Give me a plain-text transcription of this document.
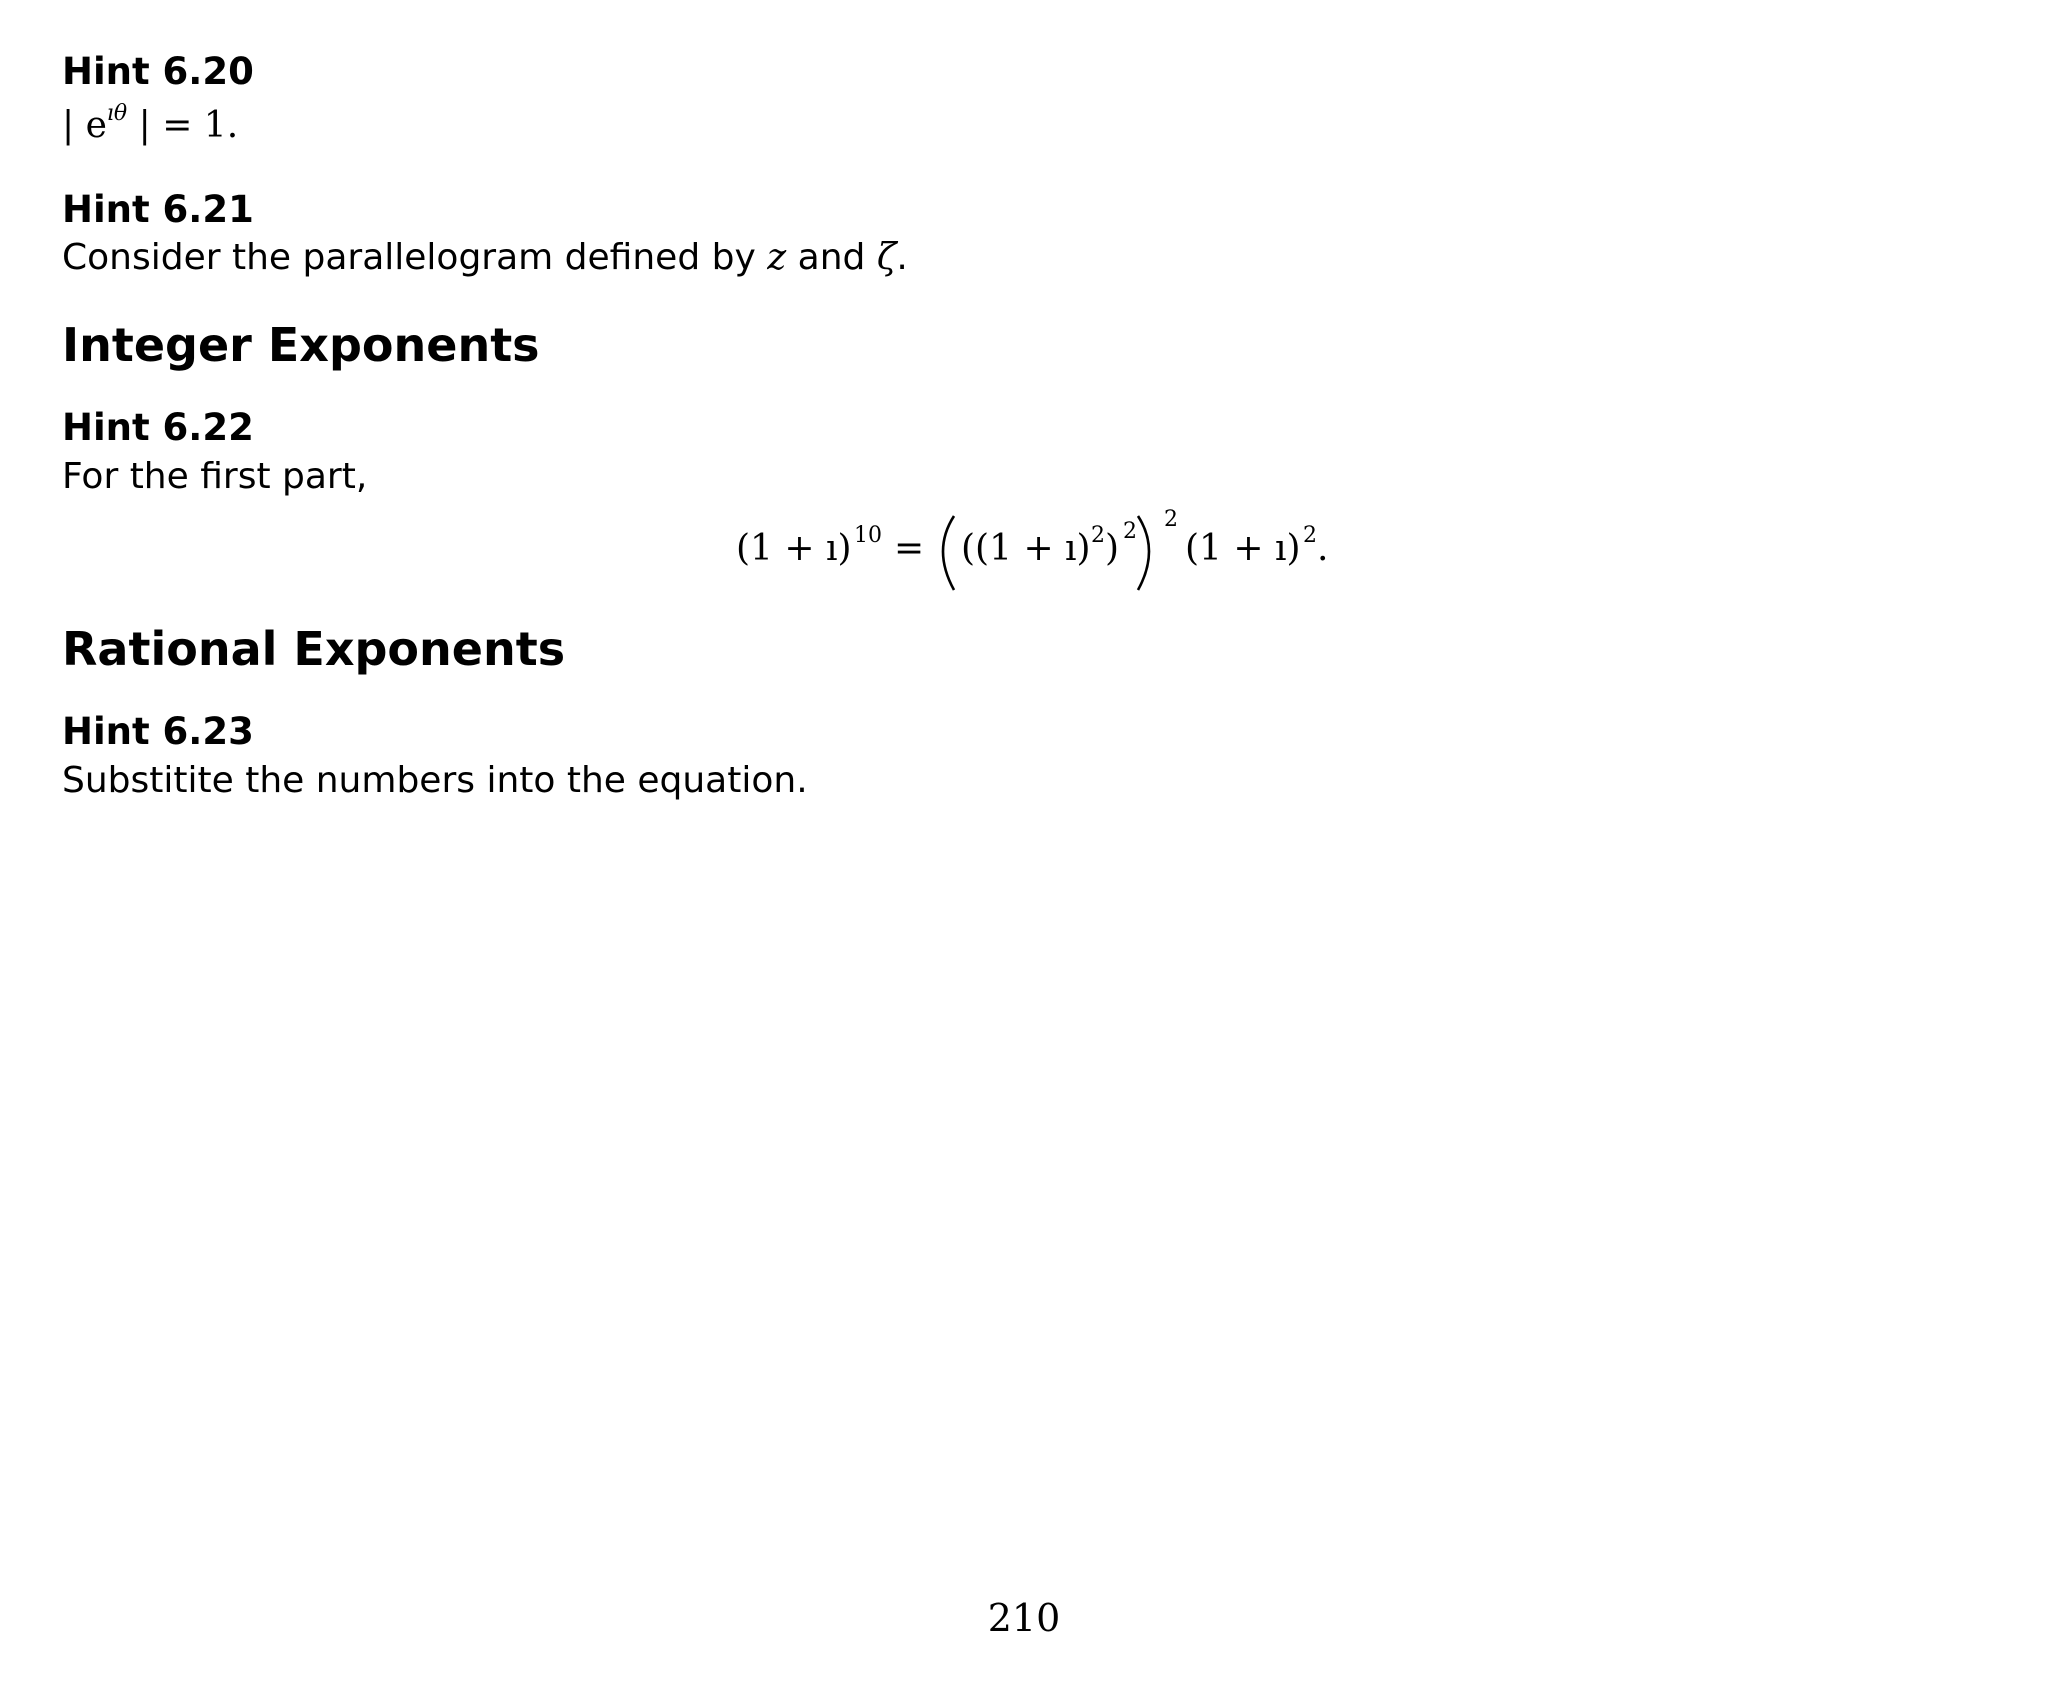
Hint 6.20
| $e^{ı\theta}$ | = 1.
Hint 6.21
Consider the parallelogram defined by z and ζ.
Integer Exponents
Hint 6.22
For the first part,
(1 + ı) 10 = ((1 + ı) 2 ) 2 2
(1 + ı) 2 .
Rational Exponents
Hint 6.23
Substitite the numbers into the equation.
210
